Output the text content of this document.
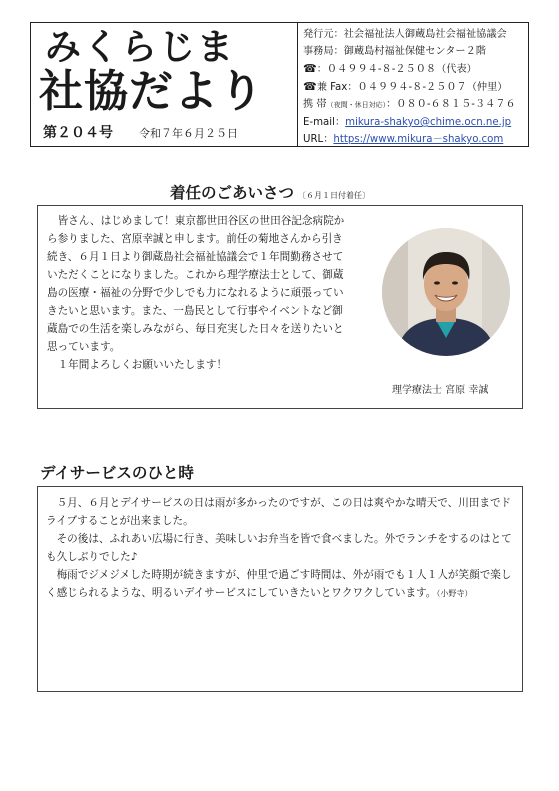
みくらじま
社協だより
第２０４号 令和７年６月２５日
発行元：社会福祉法人御蔵島社会福祉協議会
事務局：御蔵島村福祉保健センター２階
☎：０４９９４-８-２５０８（代表）
☎兼 Fax：０４９９４-８-２５０７（仲里）
携 帯（夜間・休日対応）：０８０-６８１５-３４７６
E-mail：mikura-shakyo@chime.ocn.ne.jp
URL：https://www.mikura－shakyo.com
着任のごあいさつ 〔６月１日付着任〕

皆さん、はじめまして！東京都世田谷区の世田谷記念病院から参りました、宮原幸誠と申します。前任の菊地さんから引き続き、６月１日より御蔵島社会福祉協議会で１年間勤務させていただくことになりました。これから理学療法士として、御蔵島の医療・福祉の分野で少しでも力になれるように頑張っていきたいと思います。また、一島民として行事やイベントなど御蔵島での生活を楽しみながら、毎日充実した日々を送りたいと思っています。

１年間よろしくお願いいたします！

理学療法士 宮原 幸誠
デイサービスのひと時

５月、６月とデイサービスの日は雨が多かったのですが、この日は爽やかな晴天で、川田までドライブすることが出来ました。

その後は、ふれあい広場に行き、美味しいお弁当を皆で食べました。外でランチをするのはとても久しぶりでした♪

梅雨でジメジメした時期が続きますが、仲里で過ごす時間は、外が雨でも１人１人が笑顔で楽しく感じられるような、明るいデイサービスにしていきたいとワクワクしています。（小野寺）
